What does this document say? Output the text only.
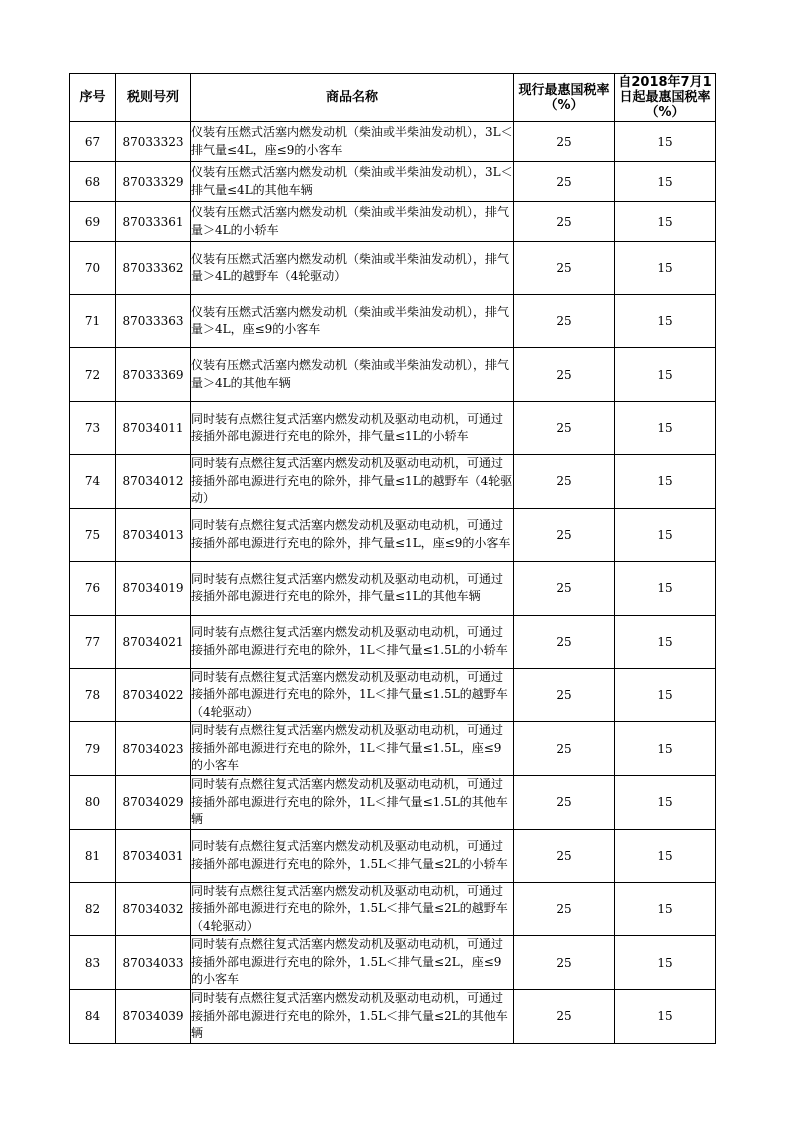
序号	税则号列	商品名称	现行最惠国税率（%）	自2018年7月1日起最惠国税率（%）
67	87033323	仪装有压燃式活塞内燃发动机（柴油或半柴油发动机），3L＜排气量≤4L，座≤9的小客车	25	15
68	87033329	仪装有压燃式活塞内燃发动机（柴油或半柴油发动机），3L＜排气量≤4L的其他车辆	25	15
69	87033361	仪装有压燃式活塞内燃发动机（柴油或半柴油发动机），排气量＞4L的小轿车	25	15
70	87033362	仪装有压燃式活塞内燃发动机（柴油或半柴油发动机），排气量＞4L的越野车（4轮驱动）	25	15
71	87033363	仪装有压燃式活塞内燃发动机（柴油或半柴油发动机），排气量＞4L，座≤9的小客车	25	15
72	87033369	仪装有压燃式活塞内燃发动机（柴油或半柴油发动机），排气量＞4L的其他车辆	25	15
73	87034011	同时装有点燃往复式活塞内燃发动机及驱动电动机，可通过接插外部电源进行充电的除外，排气量≤1L的小轿车	25	15
74	87034012	同时装有点燃往复式活塞内燃发动机及驱动电动机，可通过接插外部电源进行充电的除外，排气量≤1L的越野车（4轮驱动）	25	15
75	87034013	同时装有点燃往复式活塞内燃发动机及驱动电动机，可通过接插外部电源进行充电的除外，排气量≤1L，座≤9的小客车	25	15
76	87034019	同时装有点燃往复式活塞内燃发动机及驱动电动机，可通过接插外部电源进行充电的除外，排气量≤1L的其他车辆	25	15
77	87034021	同时装有点燃往复式活塞内燃发动机及驱动电动机，可通过接插外部电源进行充电的除外，1L＜排气量≤1.5L的小轿车	25	15
78	87034022	同时装有点燃往复式活塞内燃发动机及驱动电动机，可通过接插外部电源进行充电的除外，1L＜排气量≤1.5L的越野车（4轮驱动）	25	15
79	87034023	同时装有点燃往复式活塞内燃发动机及驱动电动机，可通过接插外部电源进行充电的除外，1L＜排气量≤1.5L，座≤9的小客车	25	15
80	87034029	同时装有点燃往复式活塞内燃发动机及驱动电动机，可通过接插外部电源进行充电的除外，1L＜排气量≤1.5L的其他车辆	25	15
81	87034031	同时装有点燃往复式活塞内燃发动机及驱动电动机，可通过接插外部电源进行充电的除外，1.5L＜排气量≤2L的小轿车	25	15
82	87034032	同时装有点燃往复式活塞内燃发动机及驱动电动机，可通过接插外部电源进行充电的除外，1.5L＜排气量≤2L的越野车（4轮驱动）	25	15
83	87034033	同时装有点燃往复式活塞内燃发动机及驱动电动机，可通过接插外部电源进行充电的除外，1.5L＜排气量≤2L，座≤9的小客车	25	15
84	87034039	同时装有点燃往复式活塞内燃发动机及驱动电动机，可通过接插外部电源进行充电的除外，1.5L＜排气量≤2L的其他车辆	25	15
